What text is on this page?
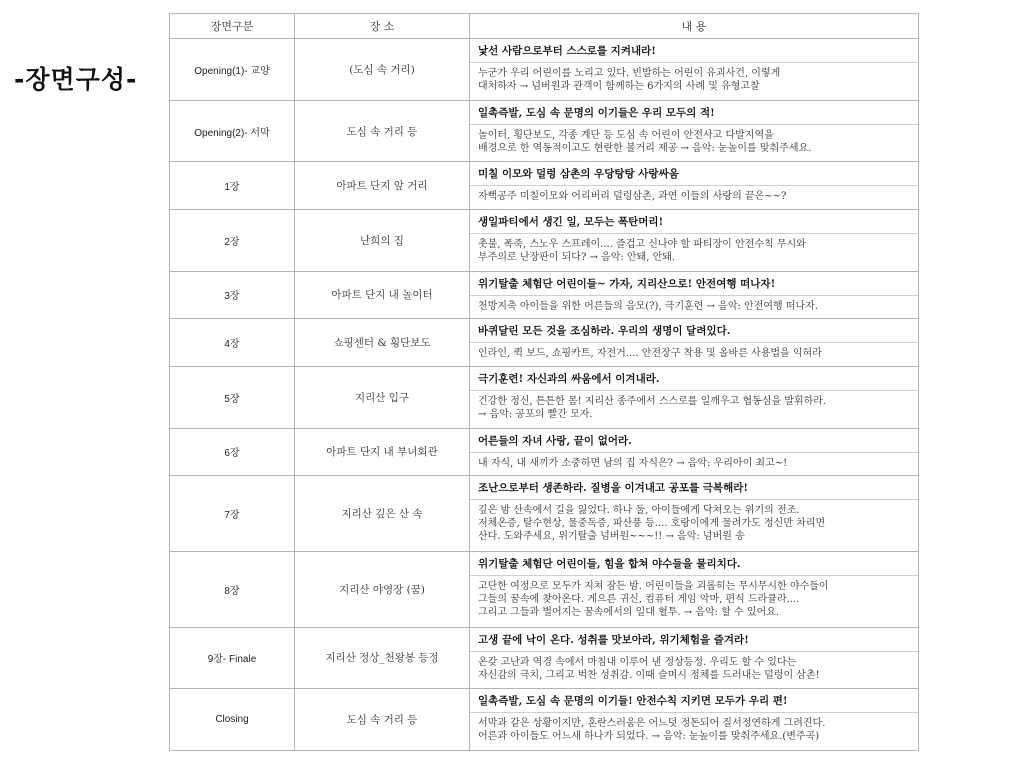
-장면구성-
장면구분	장 소	내 용
Opening(1)- 교양	(도심 속 거리)	낯선 사람으로부터 스스로를 지켜내라!
누군가 우리 어린이를 노리고 있다. 빈발하는 어린이 유괴사건, 이렇게
대처하자 → 넘버원과 관객이 함께하는 6가지의 사례 및 유형고찰

Opening(2)- 서막	도심 속 거리 등	일촉즉발, 도심 속 문명의 이기들은 우리 모두의 적!
놀이터, 횡단보도, 각종 계단 등 도심 속 어린이 안전사고 다발지역을
배경으로 한 역동적이고도 현란한 볼거리 제공 → 음악: 눈높이를 맞춰주세요.

1장	아파트 단지 앞 거리	미칠 이모와 덜렁 삼촌의 우당탕탕 사랑싸움
자뻑공주 미칠이모와 어리버리 덜렁삼촌, 과연 이들의 사랑의 끝은~~?

2장	난희의 집	생일파티에서 생긴 일, 모두는 폭탄머리!
촛불, 폭죽, 스노우 스프레이.... 즐겁고 신나야 할 파티장이 안전수칙 무시와
부주의로 난장판이 되다? → 음악: 안돼, 안돼.

3장	아파트 단지 내 놀이터	위기탈출 체험단 어린이들~ 가자, 지리산으로! 안전여행 떠나자!
천방지축 아이들을 위한 어른들의 음모(?), 극기훈련 → 음악: 안전여행 떠나자.

4장	쇼핑센터 & 횡단보도	바퀴달린 모든 것을 조심하라. 우리의 생명이 달려있다.
인라인, 퀵 보드, 쇼핑카트, 자전거.... 안전장구 착용 및 올바른 사용법을 익혀라

5장	지리산 입구	극기훈련! 자신과의 싸움에서 이겨내라.
건강한 정신, 튼튼한 몸! 지리산 종주에서 스스로를 일깨우고 협동심을 발휘하라.
→ 음악: 공포의 빨간 모자.

6장	아파트 단지 내 부녀회관	어른들의 자녀 사랑, 끝이 없어라.
내 자식, 내 새끼가 소중하면 남의 집 자식은? → 음악: 우리아이 최고~!

7장	지리산 깊은 산 속	조난으로부터 생존하라. 질병을 이겨내고 공포를 극복해라!
깊은 밤 산속에서 길을 잃었다. 하나 둘, 아이들에게 닥쳐오는 위기의 전조.
저체온증, 탈수현상, 물중독증, 파산풍 등.... 호랑이에게 물려가도 정신만 차리면
산다. 도와주세요, 위기탈출 넘버원~~~!! → 음악: 넘버원 송

8장	지리산 야영장 (꿈)	위기탈출 체험단 어린이들, 힘을 합쳐 야수들을 물리치다.
고단한 여정으로 모두가 지쳐 잠든 밤. 어린이들을 괴롭히는 무시무시한 야수들이
그들의 꿈속에 찾아온다. 게으른 귀신, 컴퓨터 게임 악마, 편식 드라큘라....
그리고 그들과 벌어지는 꿈속에서의 일대 혈투. → 음악: 할 수 있어요.

9장- Finale	지리산 정상_천왕봉 등정	고생 끝에 낙이 온다. 성취를 맛보아라, 위기체험을 즐겨라!
온갖 고난과 역경 속에서 마침내 이루어 낸 정상등정. 우리도 할 수 있다는
자신감의 극치, 그리고 벅찬 성취감. 이때 슬며시 정체를 드러내는 덜렁이 삼촌!

Closing	도심 속 거리 등	일촉즉발, 도심 속 문명의 이기들! 안전수칙 지키면 모두가 우리 편!
서막과 같은 상황이지만, 혼란스러움은 어느덧 정돈되어 질서정연하게 그려진다.
어른과 아이들도 어느새 하나가 되었다. → 음악: 눈높이를 맞춰주세요.(변주곡)
